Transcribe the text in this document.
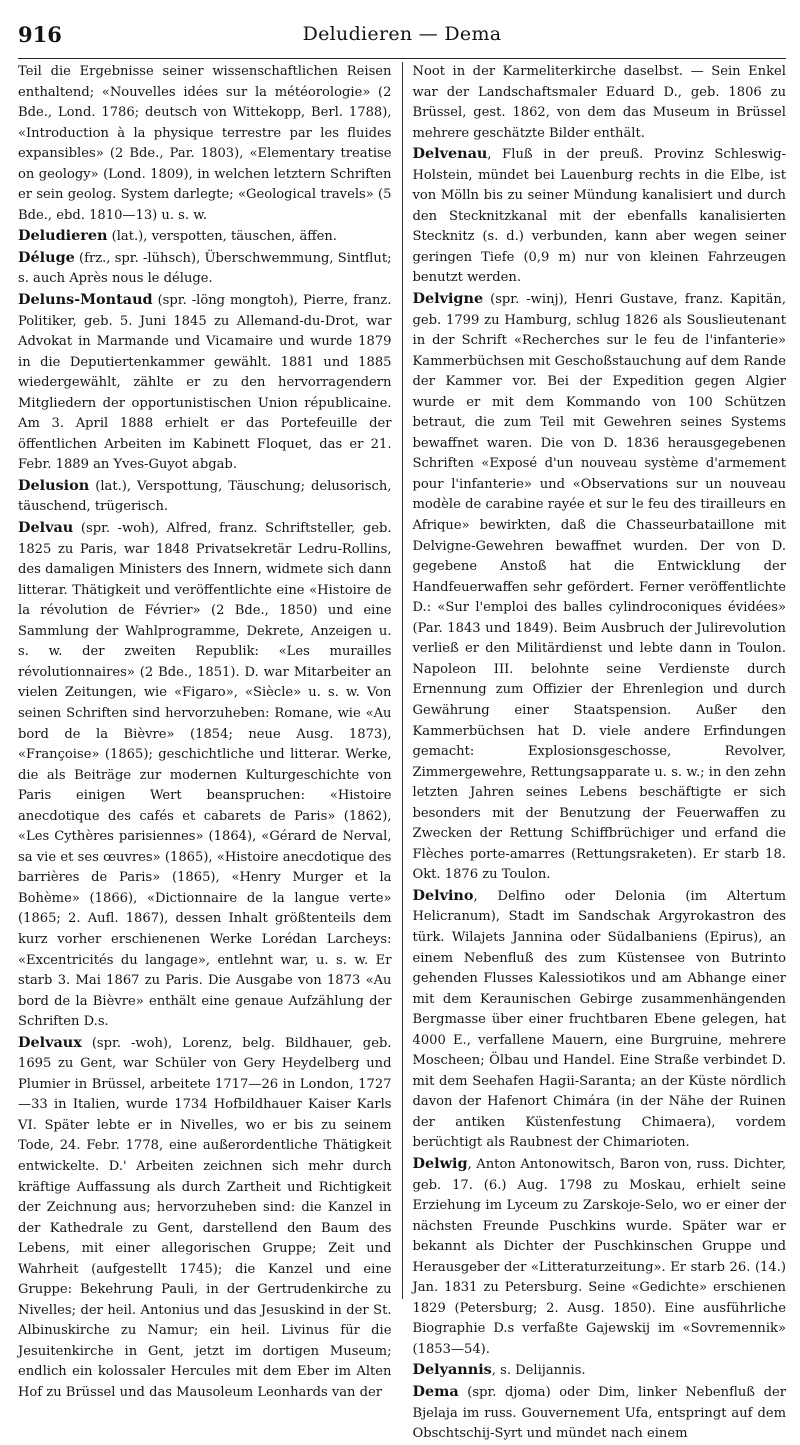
916	Deludieren — Dema

Teil die Ergebnisse seiner wissenschaftlichen Reisen enthaltend; «Nouvelles idées sur la météorologie» (2 Bde., Lond. 1786; deutsch von Wittekopp, Berl. 1788), «Introduction à la physique terrestre par les fluides expansibles» (2 Bde., Par. 1803), «Elementary treatise on geology» (Lond. 1809), in welchen letztern Schriften er sein geolog. System darlegte; «Geological travels» (5 Bde., ebd. 1810—13) u. s. w.

Deludieren (lat.), verspotten, täuschen, äffen.

Déluge (frz., spr. -lühsch), Überschwemmung, Sintflut; s. auch Après nous le déluge.

Deluns-Montaud (spr. -löng mongtoh), Pierre, franz. Politiker, geb. 5. Juni 1845 zu Allemand-du-Drot, war Advokat in Marmande und Vicamaire und wurde 1879 in die Deputiertenkammer gewählt. 1881 und 1885 wiedergewählt, zählte er zu den hervorragendern Mitgliedern der opportunistischen Union républicaine. Am 3. April 1888 erhielt er das Portefeuille der öffentlichen Arbeiten im Kabinett Floquet, das er 21. Febr. 1889 an Yves-Guyot abgab.

Delusion (lat.), Verspottung, Täuschung; delusorisch, täuschend, trügerisch.

Delvau (spr. -woh), Alfred, franz. Schriftsteller, geb. 1825 zu Paris, war 1848 Privatsekretär Ledru-Rollins, des damaligen Ministers des Innern, widmete sich dann litterar. Thätigkeit und veröffentlichte eine «Histoire de la révolution de Février» (2 Bde., 1850) und eine Sammlung der Wahlprogramme, Dekrete, Anzeigen u. s. w. der zweiten Republik: «Les murailles révolutionnaires» (2 Bde., 1851). D. war Mitarbeiter an vielen Zeitungen, wie «Figaro», «Siècle» u. s. w. Von seinen Schriften sind hervorzuheben: Romane, wie «Au bord de la Bièvre» (1854; neue Ausg. 1873), «Françoise» (1865); geschichtliche und litterar. Werke, die als Beiträge zur modernen Kulturgeschichte von Paris einigen Wert beanspruchen: «Histoire anecdotique des cafés et cabarets de Paris» (1862), «Les Cythères parisiennes» (1864), «Gérard de Nerval, sa vie et ses œuvres» (1865), «Histoire anecdotique des barrières de Paris» (1865), «Henry Murger et la Bohème» (1866), «Dictionnaire de la langue verte» (1865; 2. Aufl. 1867), dessen Inhalt größtenteils dem kurz vorher erschienenen Werke Lorédan Larcheys: «Excentricités du langage», entlehnt war, u. s. w. Er starb 3. Mai 1867 zu Paris. Die Ausgabe von 1873 «Au bord de la Bièvre» enthält eine genaue Aufzählung der Schriften D.s.

Delvaux (spr. -woh), Lorenz, belg. Bildhauer, geb. 1695 zu Gent, war Schüler von Gery Heydelberg und Plumier in Brüssel, arbeitete 1717—26 in London, 1727—33 in Italien, wurde 1734 Hofbildhauer Kaiser Karls VI. Später lebte er in Nivelles, wo er bis zu seinem Tode, 24. Febr. 1778, eine außerordentliche Thätigkeit entwickelte. D.' Arbeiten zeichnen sich mehr durch kräftige Auffassung als durch Zartheit und Richtigkeit der Zeichnung aus; hervorzuheben sind: die Kanzel in der Kathedrale zu Gent, darstellend den Baum des Lebens, mit einer allegorischen Gruppe; Zeit und Wahrheit (aufgestellt 1745); die Kanzel und eine Gruppe: Bekehrung Pauli, in der Gertrudenkirche zu Nivelles; der heil. Antonius und das Jesuskind in der St. Albinuskirche zu Namur; ein heil. Livinus für die Jesuitenkirche in Gent, jetzt im dortigen Museum; endlich ein kolossaler Hercules mit dem Eber im Alten Hof zu Brüssel und das Mausoleum Leonhards van der

Noot in der Karmeliterkirche daselbst. — Sein Enkel war der Landschaftsmaler Eduard D., geb. 1806 zu Brüssel, gest. 1862, von dem das Museum in Brüssel mehrere geschätzte Bilder enthält.

Delvenau, Fluß in der preuß. Provinz Schleswig-Holstein, mündet bei Lauenburg rechts in die Elbe, ist von Mölln bis zu seiner Mündung kanalisiert und durch den Stecknitzkanal mit der ebenfalls kanalisierten Stecknitz (s. d.) verbunden, kann aber wegen seiner geringen Tiefe (0,9 m) nur von kleinen Fahrzeugen benutzt werden.

Delvigne (spr. -winj), Henri Gustave, franz. Kapitän, geb. 1799 zu Hamburg, schlug 1826 als Souslieutenant in der Schrift «Recherches sur le feu de l'infanterie» Kammerbüchsen mit Geschoßstauchung auf dem Rande der Kammer vor. Bei der Expedition gegen Algier wurde er mit dem Kommando von 100 Schützen betraut, die zum Teil mit Gewehren seines Systems bewaffnet waren. Die von D. 1836 herausgegebenen Schriften «Exposé d'un nouveau système d'armement pour l'infanterie» und «Observations sur un nouveau modèle de carabine rayée et sur le feu des tirailleurs en Afrique» bewirkten, daß die Chasseurbataillone mit Delvigne-Gewehren bewaffnet wurden. Der von D. gegebene Anstoß hat die Entwicklung der Handfeuerwaffen sehr gefördert. Ferner veröffentlichte D.: «Sur l'emploi des balles cylindroconiques évidées» (Par. 1843 und 1849). Beim Ausbruch der Julirevolution verließ er den Militärdienst und lebte dann in Toulon. Napoleon III. belohnte seine Verdienste durch Ernennung zum Offizier der Ehrenlegion und durch Gewährung einer Staatspension. Außer den Kammerbüchsen hat D. viele andere Erfindungen gemacht: Explosionsgeschosse, Revolver, Zimmergewehre, Rettungsapparate u. s. w.; in den zehn letzten Jahren seines Lebens beschäftigte er sich besonders mit der Benutzung der Feuerwaffen zu Zwecken der Rettung Schiffbrüchiger und erfand die Flèches porte-amarres (Rettungsraketen). Er starb 18. Okt. 1876 zu Toulon.

Delvino, Delfino oder Delonia (im Altertum Helicranum), Stadt im Sandschak Argyrokastron des türk. Wilajets Jannina oder Südalbaniens (Epirus), an einem Nebenfluß des zum Küstensee von Butrinto gehenden Flusses Kalessiotikos und am Abhange einer mit dem Keraunischen Gebirge zusammenhängenden Bergmasse über einer fruchtbaren Ebene gelegen, hat 4000 E., verfallene Mauern, eine Burgruine, mehrere Moscheen; Ölbau und Handel. Eine Straße verbindet D. mit dem Seehafen Hagii-Saranta; an der Küste nördlich davon der Hafenort Chimára (in der Nähe der Ruinen der antiken Küstenfestung Chimaera), vordem berüchtigt als Raubnest der Chimarioten.

Delwig, Anton Antonowitsch, Baron von, russ. Dichter, geb. 17. (6.) Aug. 1798 zu Moskau, erhielt seine Erziehung im Lyceum zu Zarskoje-Selo, wo er einer der nächsten Freunde Puschkins wurde. Später war er bekannt als Dichter der Puschkinschen Gruppe und Herausgeber der «Litteraturzeitung». Er starb 26. (14.) Jan. 1831 zu Petersburg. Seine «Gedichte» erschienen 1829 (Petersburg; 2. Ausg. 1850). Eine ausführliche Biographie D.s verfaßte Gajewskij im «Sovremennik» (1853—54).

Delyannis, s. Delijannis.

Dema (spr. djoma) oder Dim, linker Nebenfluß der Bjelaja im russ. Gouvernement Ufa, entspringt auf dem Obschtschij-Syrt und mündet nach einem
